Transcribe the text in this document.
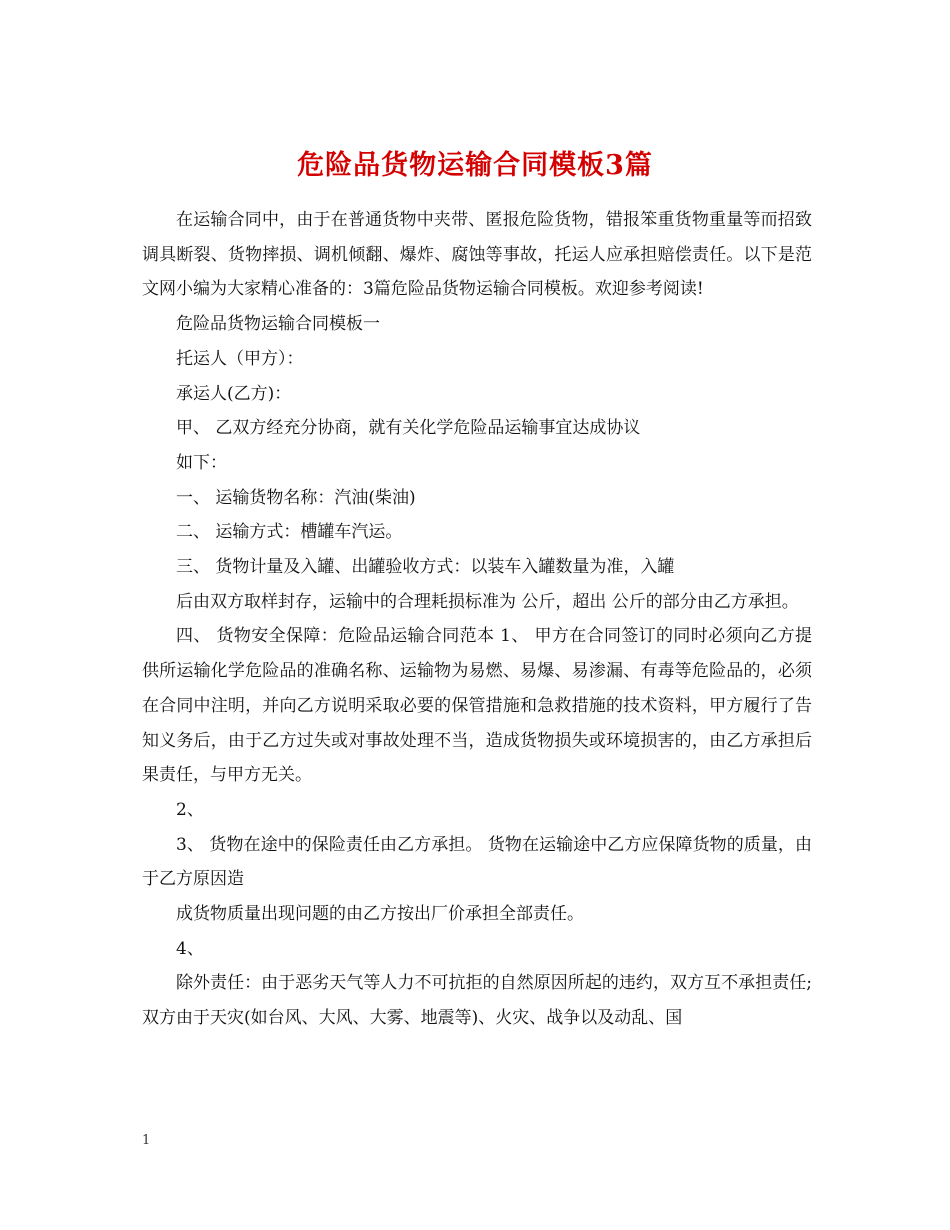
危险品货物运输合同模板3篇

在运输合同中，由于在普通货物中夹带、匿报危险货物，错报笨重货物重量等而招致调具断裂、货物摔损、调机倾翻、爆炸、腐蚀等事故，托运人应承担赔偿责任。以下是范文网小编为大家精心准备的：3篇危险品货物运输合同模板。欢迎参考阅读!

危险品货物运输合同模板一

托运人（甲方）：

承运人(乙方)：

甲、 乙双方经充分协商，就有关化学危险品运输事宜达成协议

如下：

一、 运输货物名称：汽油(柴油)

二、 运输方式：槽罐车汽运。

三、 货物计量及入罐、出罐验收方式：以装车入罐数量为准，入罐

后由双方取样封存，运输中的合理耗损标准为 公斤，超出 公斤的部分由乙方承担。

四、 货物安全保障：危险品运输合同范本 1、 甲方在合同签订的同时必须向乙方提供所运输化学危险品的准确名称、运输物为易燃、易爆、易渗漏、有毒等危险品的，必须在合同中注明，并向乙方说明采取必要的保管措施和急救措施的技术资料，甲方履行了告知义务后，由于乙方过失或对事故处理不当，造成货物损失或环境损害的，由乙方承担后果责任，与甲方无关。

2、

3、 货物在途中的保险责任由乙方承担。 货物在运输途中乙方应保障货物的质量，由于乙方原因造

成货物质量出现问题的由乙方按出厂价承担全部责任。

4、

除外责任：由于恶劣天气等人力不可抗拒的自然原因所起的违约，双方互不承担责任;双方由于天灾(如台风、大风、大雾、地震等)、火灾、战争以及动乱、国

1
